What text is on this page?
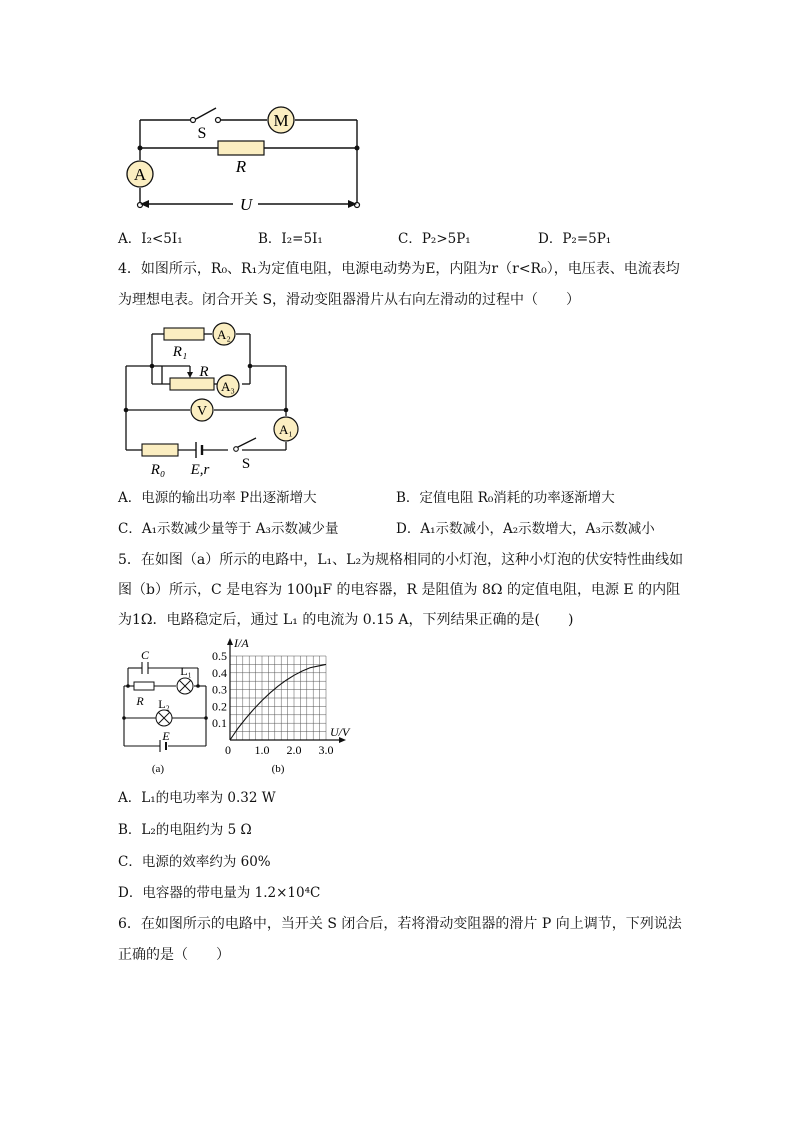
M
A
S
R
U
A．I₂<5I₁	B．I₂=5I₁	C．P₂>5P₁	D．P₂=5P₁
4．如图所示，R₀、R₁为定值电阻，电源电动势为E，内阻为r（r<R₀），电压表、电流表均
为理想电表。闭合开关 S，滑动变阻器滑片从右向左滑动的过程中（　　）
A₂
A₃
V
A₁
R₁
R
R₀ E,r S
A．电源的输出功率 P出逐渐增大	B．定值电阻 R₀消耗的功率逐渐增大
C．A₁示数减少量等于 A₃示数减少量	D．A₁示数减小，A₂示数增大，A₃示数减小
5．在如图（a）所示的电路中，L₁、L₂为规格相同的小灯泡，这种小灯泡的伏安特性曲线如
图（b）所示，C 是电容为 100μF 的电容器，R 是阻值为 8Ω 的定值电阻，电源 E 的内阻
为1Ω．电路稳定后，通过 L₁ 的电流为 0.15 A，下列结果正确的是(　　)
C
L₁
R L₂
E
(a)
1.0 2.0 3.0
0.1
0.2
0.3
0.4
0.5
I/A
U/V
0
(b)
A．L₁的电功率为 0.32 W
B．L₂的电阻约为 5 Ω
C．电源的效率约为 60%
D．电容器的带电量为 1.2×10⁴C
6．在如图所示的电路中，当开关 S 闭合后，若将滑动变阻器的滑片 P 向上调节，下列说法
正确的是（　　）
